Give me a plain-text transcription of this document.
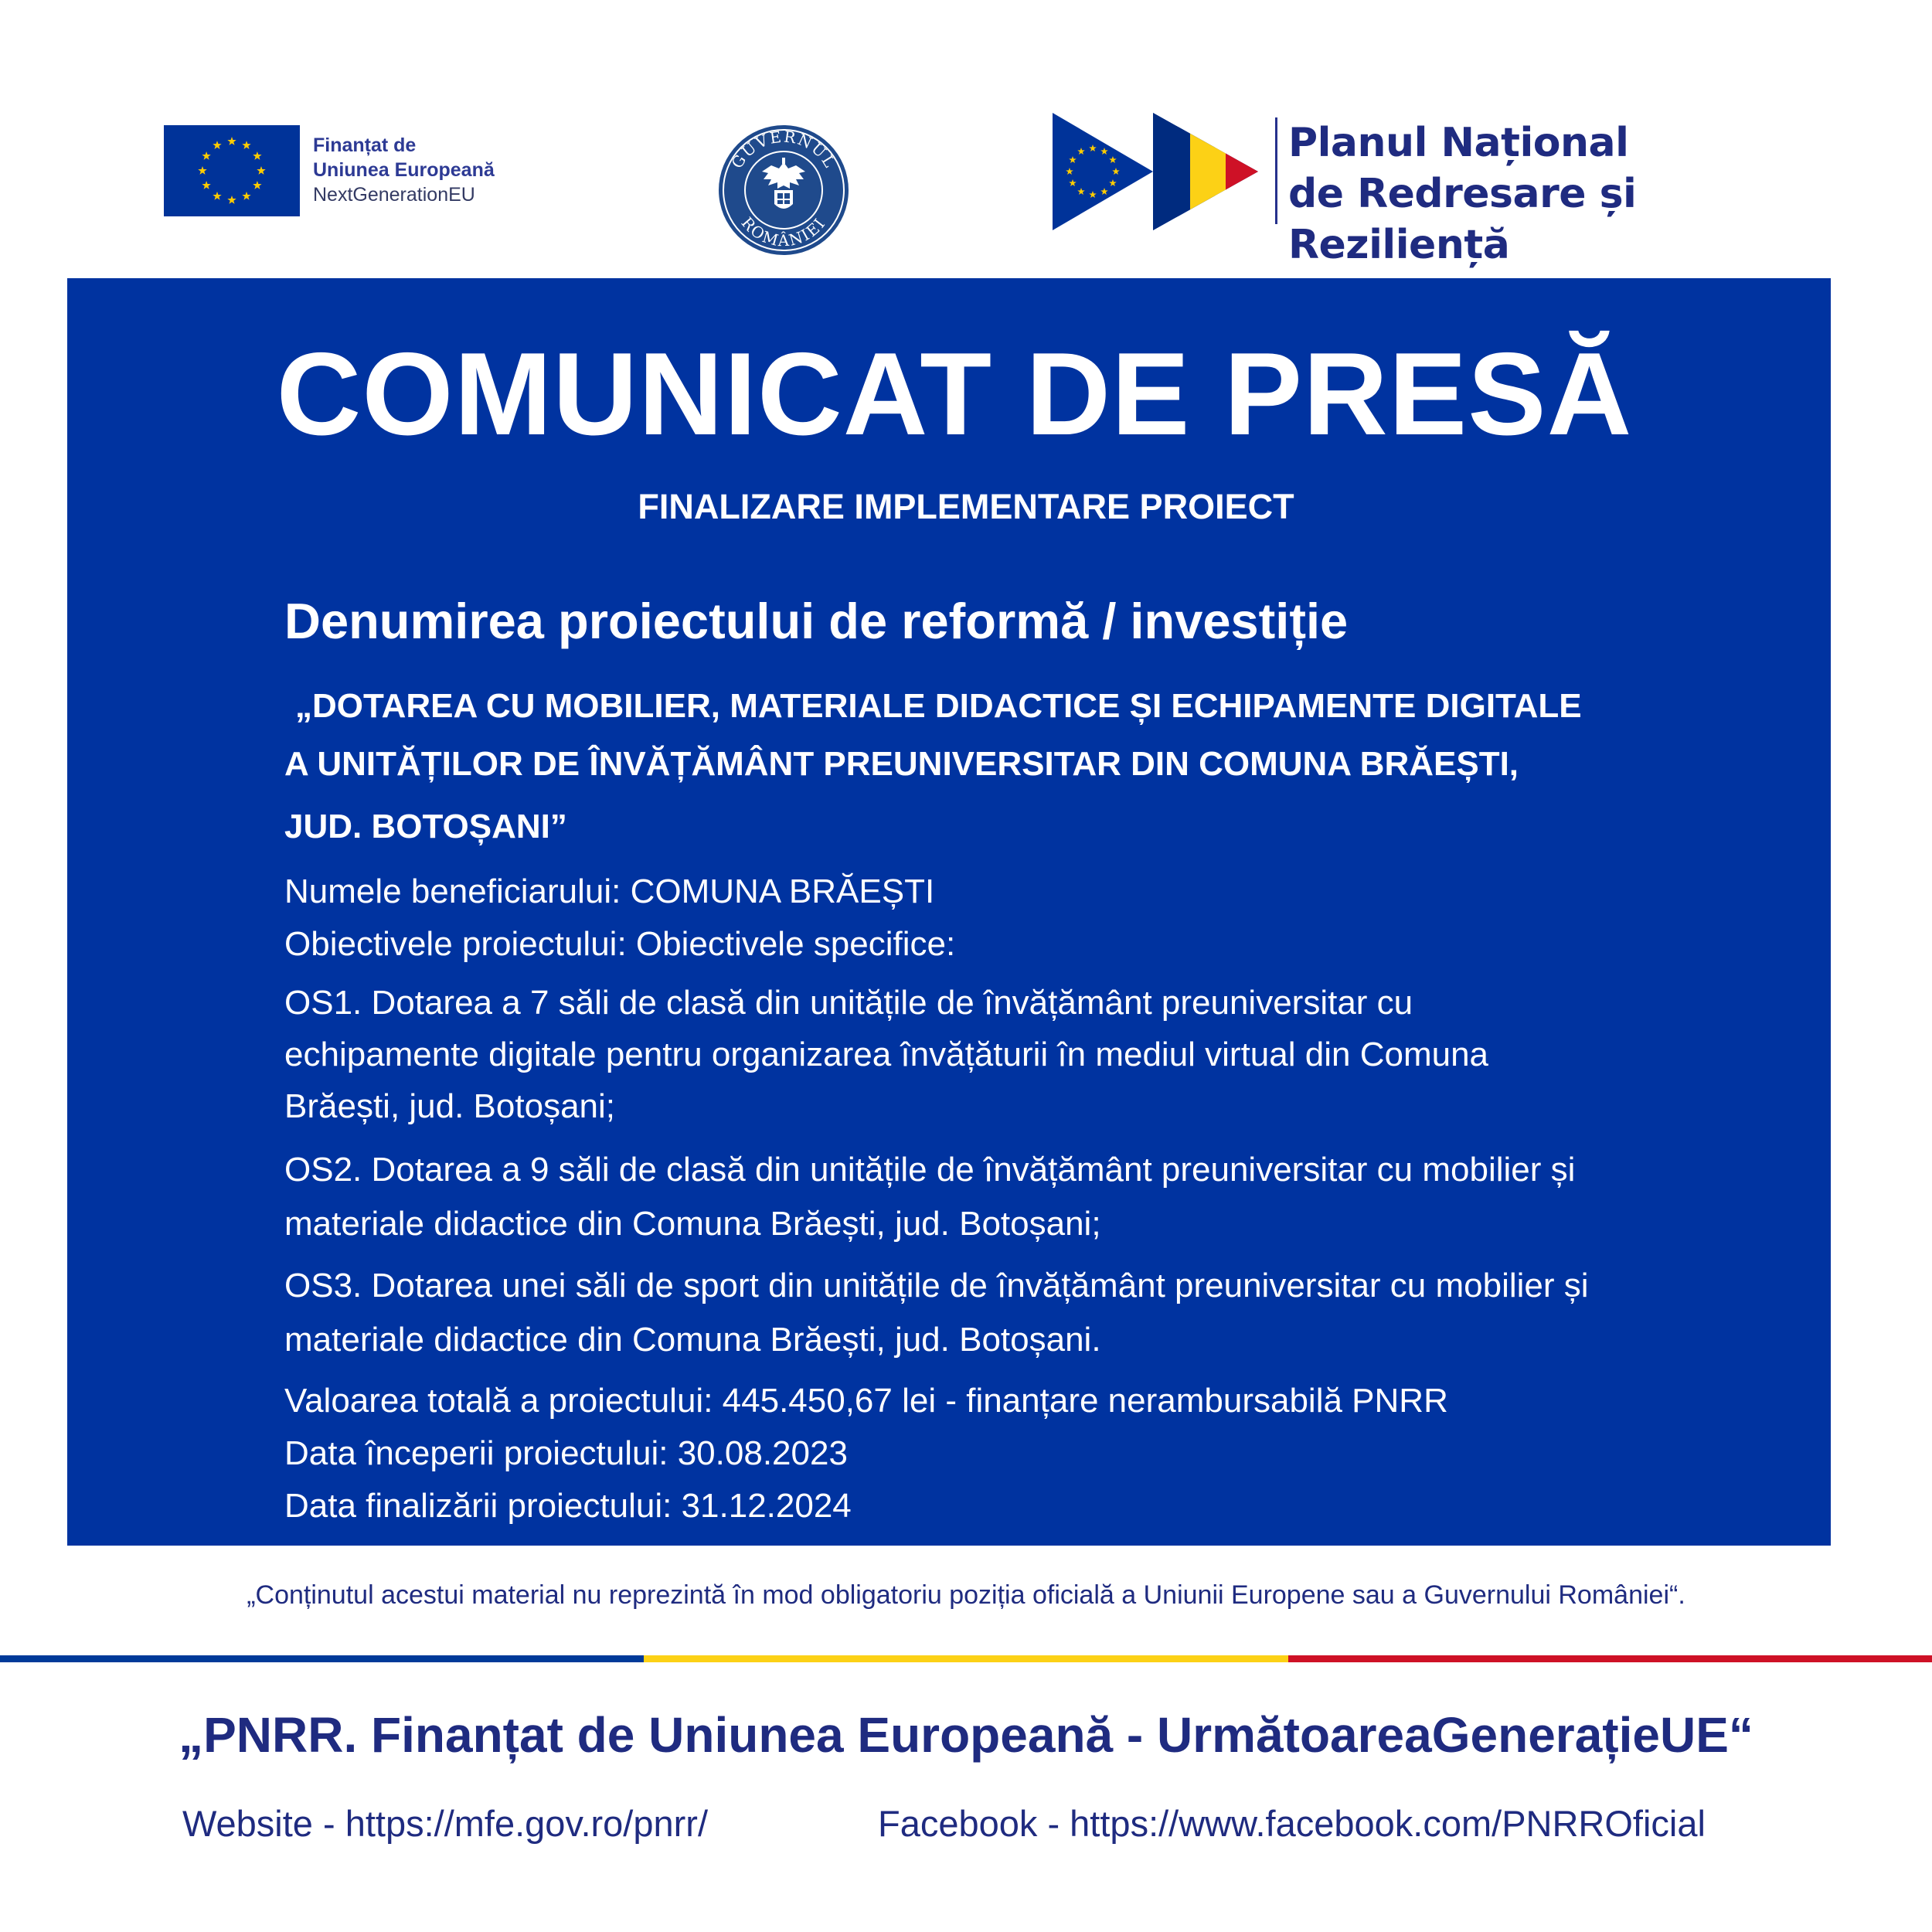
Finanțat de
Uniunea Europeană
NextGenerationEU
GUVERNUL
ROMÂNIEI
Planul Național
de Redresare și Reziliență
COMUNICAT DE PRESĂ
FINALIZARE IMPLEMENTARE PROIECT
Denumirea proiectului de reformă / investiție
„DOTAREA CU MOBILIER, MATERIALE DIDACTICE ȘI ECHIPAMENTE DIGITALE
A UNITĂȚILOR DE ÎNVĂȚĂMÂNT PREUNIVERSITAR DIN COMUNA BRĂEȘTI,
JUD. BOTOȘANI”

Numele beneficiarului: COMUNA BRĂEȘTI

Obiectivele proiectului: Obiectivele specifice:

OS1. Dotarea a 7 săli de clasă din unitățile de învățământ preuniversitar cu

echipamente digitale pentru organizarea învățăturii în mediul virtual din Comuna

Brăești, jud. Botoșani;

OS2. Dotarea a 9 săli de clasă din unitățile de învățământ preuniversitar cu mobilier și

materiale didactice din Comuna Brăești, jud. Botoșani;

OS3. Dotarea unei săli de sport din unitățile de învățământ preuniversitar cu mobilier și

materiale didactice din Comuna Brăești, jud. Botoșani.

Valoarea totală a proiectului: 445.450,67 lei - finanțare nerambursabilă PNRR

Data începerii proiectului: 30.08.2023

Data finalizării proiectului: 31.12.2024

„Conținutul acestui material nu reprezintă în mod obligatoriu poziția oficială a Uniunii Europene sau a Guvernului României“.
„PNRR. Finanțat de Uniunea Europeană - UrmătoareaGenerațieUE“
Website - https://mfe.gov.ro/pnrr/	Facebook - https://www.facebook.com/PNRROficial
